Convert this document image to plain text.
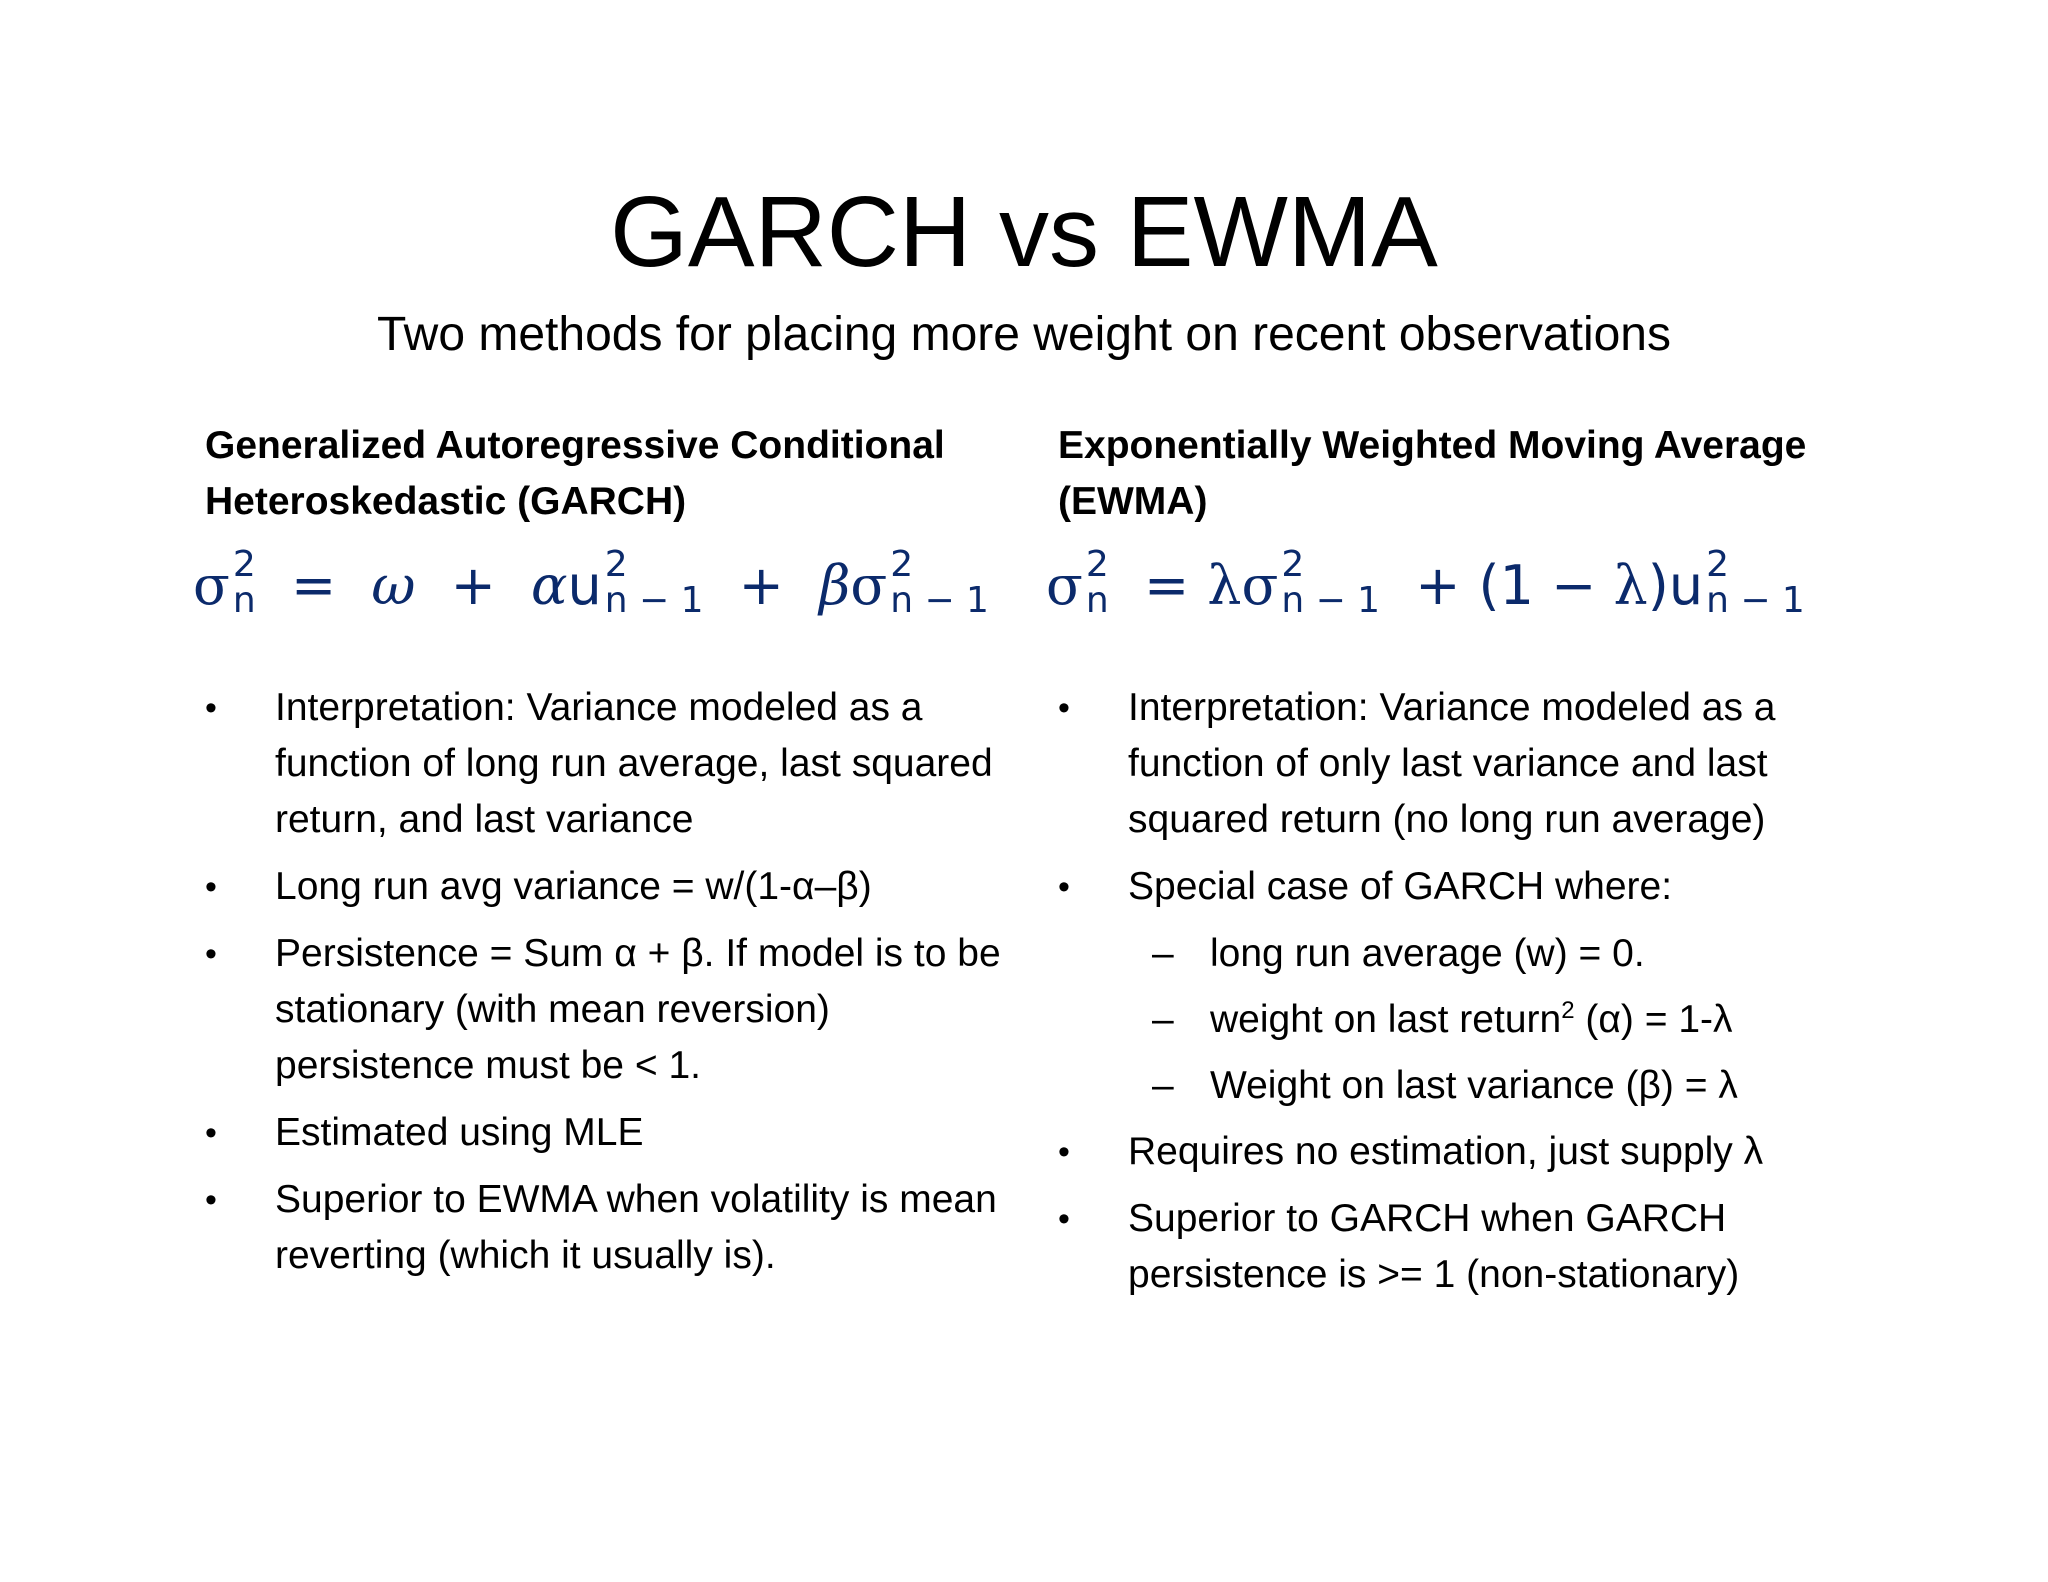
GARCH vs EWMA
Two methods for placing more weight on recent observations
Generalized Autoregressive Conditional
Heteroskedastic (GARCH)
σ 2
n = ω + αu 2
n − 1 + βσ 2
n − 1
• Interpretation: Variance modeled as a function of long run average, last squared return, and last variance
• Long run avg variance = w/(1-α–β)
• Persistence = Sum α + β. If model is to be stationary (with mean reversion) persistence must be < 1.
• Estimated using MLE
• Superior to EWMA when volatility is mean reverting (which it usually is).
Exponentially Weighted Moving Average
(EWMA)
σ 2
n = λσ 2
n − 1 + (1 − λ)u 2
n − 1
• Interpretation: Variance modeled as a function of only last variance and last squared return (no long run average)
• Special case of GARCH where:
– long run average (w) = 0.
– weight on last return$^2$ (α) = 1-λ
– Weight on last variance (β) = λ
• Requires no estimation, just supply λ
• Superior to GARCH when GARCH persistence is >= 1 (non-stationary)
